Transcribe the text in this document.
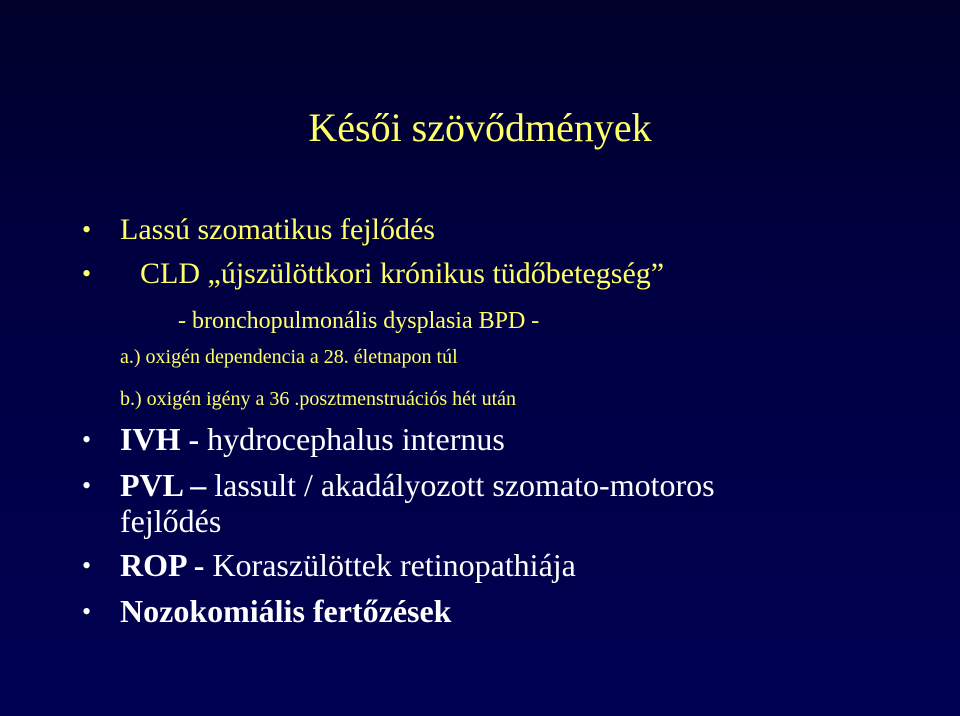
Késői szövődmények
• Lassú szomatikus fejlődés
• CLD „újszülöttkori krónikus tüdőbetegség”
- bronchopulmonális dysplasia BPD -
a.) oxigén dependencia a 28. életnapon túl
b.) oxigén igény a 36 .posztmenstruációs hét után
• IVH - hydrocephalus internus
• PVL – lassult / akadályozott szomato-motoros
fejlődés
• ROP - Koraszülöttek retinopathiája
• Nozokomiális fertőzések
